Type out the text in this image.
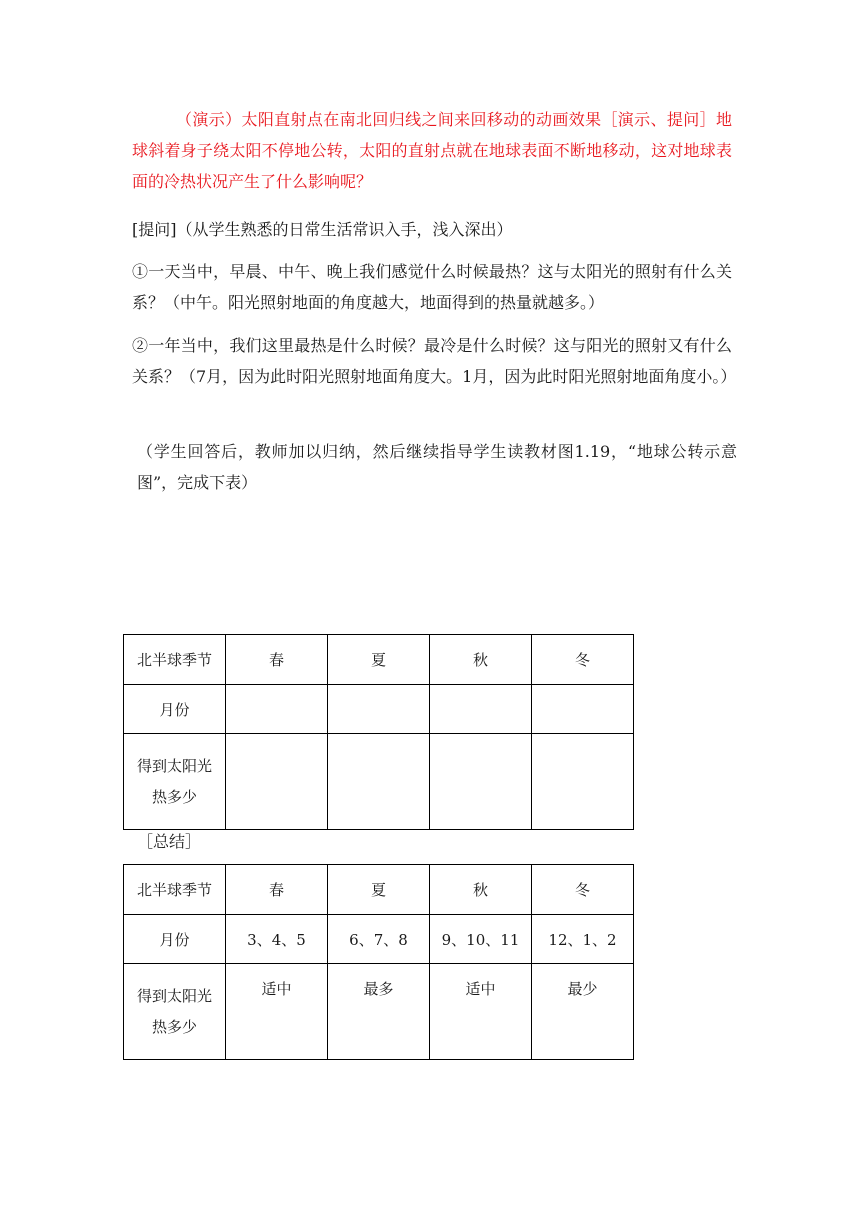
（演示）太阳直射点在南北回归线之间来回移动的动画效果［演示、提问］地球斜着身子绕太阳不停地公转，太阳的直射点就在地球表面不断地移动，这对地球表面的冷热状况产生了什么影响呢？

[提问]（从学生熟悉的日常生活常识入手，浅入深出）

①一天当中，早晨、中午、晚上我们感觉什么时候最热？这与太阳光的照射有什么关系？（中午。阳光照射地面的角度越大，地面得到的热量就越多。）

②一年当中，我们这里最热是什么时候？最冷是什么时候？这与阳光的照射又有什么关系？（7月，因为此时阳光照射地面角度大。1月，因为此时阳光照射地面角度小。）

（学生回答后，教师加以归纳，然后继续指导学生读教材图1.19，“地球公转示意图”，完成下表）

北半球季节	春	夏	秋	冬
月份				
得到太阳光热多少				

［总结］

北半球季节	春	夏	秋	冬
月份	3、4、5	6、7、8	9、10、11	12、1、2
得到太阳光热多少	适中	最多	适中	最少
